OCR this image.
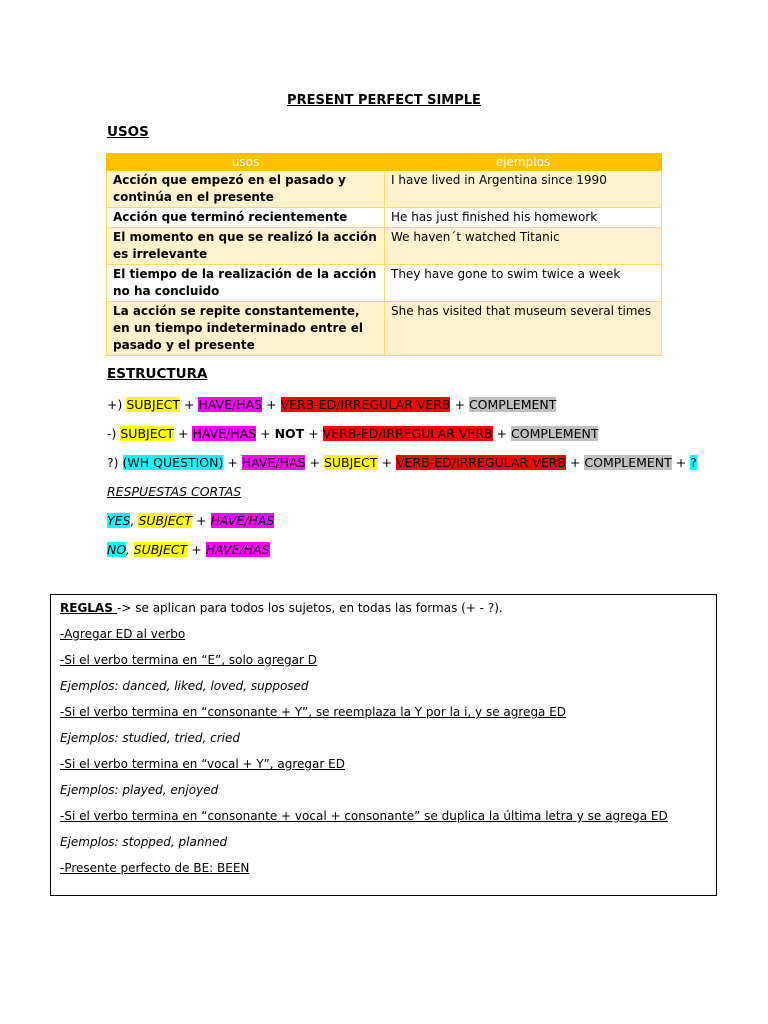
PRESENT PERFECT SIMPLE
USOS
usos	ejemplos
Acción que empezó en el pasado y continúa en el presente	I have lived in Argentina since 1990
Acción que terminó recientemente	He has just finished his homework
El momento en que se realizó la acción es irrelevante	We haven´t watched Titanic
El tiempo de la realización de la acción no ha concluido	They have gone to swim twice a week
La acción se repite constantemente, en un tiempo indeterminado entre el pasado y el presente	She has visited that museum several times
ESTRUCTURA
+) SUBJECT + HAVE/HAS + VERB-ED/IRREGULAR VERB + COMPLEMENT
-) SUBJECT + HAVE/HAS + NOT + VERB-ED/IRREGULAR VERB + COMPLEMENT
?) (WH QUESTION) + HAVE/HAS + SUBJECT + VERB-ED/IRREGULAR VERB + COMPLEMENT + ?
RESPUESTAS CORTAS
YES, SUBJECT + HAVE/HAS
NO, SUBJECT + HAVE/HAS
REGLAS -> se aplican para todos los sujetos, en todas las formas (+ - ?).
-Agregar ED al verbo
-Si el verbo termina en “E”, solo agregar D
Ejemplos: danced, liked, loved, supposed
-Si el verbo termina en “consonante + Y”, se reemplaza la Y por la i, y se agrega ED
Ejemplos: studied, tried, cried
-Si el verbo termina en “vocal + Y”, agregar ED
Ejemplos: played, enjoyed
-Si el verbo termina en “consonante + vocal + consonante” se duplica la última letra y se agrega ED
Ejemplos: stopped, planned
-Presente perfecto de BE: BEEN
